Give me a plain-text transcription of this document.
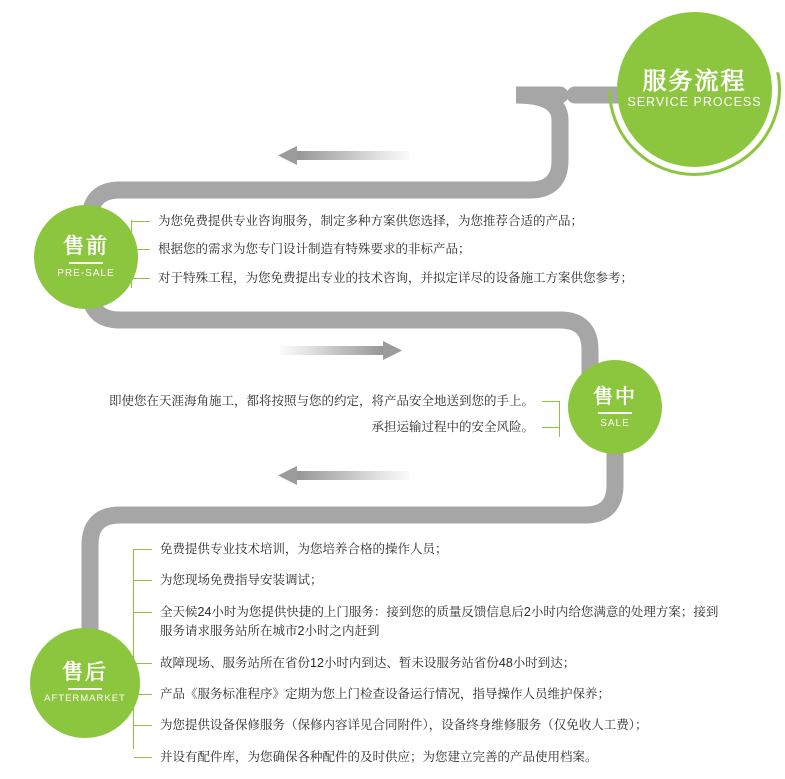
服务流程
SERVICE PROCESS
售前
PRE-SALE
为您免费提供专业咨询服务，制定多种方案供您选择，为您推荐合适的产品；
根据您的需求为您专门设计制造有特殊要求的非标产品；
对于特殊工程，为您免费提出专业的技术咨询，并拟定详尽的设备施工方案供您参考；
售中
SALE
即使您在天涯海角施工，都将按照与您的约定，将产品安全地送到您的手上。
承担运输过程中的安全风险。
售后
AFTERMARKET
免费提供专业技术培训，为您培养合格的操作人员；
为您现场免费指导安装调试；
全天候24小时为您提供快捷的上门服务：接到您的质量反馈信息后2小时内给您满意的处理方案；接到服务请求服务站所在城市2小时之内赶到
故障现场、服务站所在省份12小时内到达、暂未设服务站省份48小时到达；
产品《服务标准程序》定期为您上门检查设备运行情况，指导操作人员维护保养；
为您提供设备保修服务（保修内容详见合同附件），设备终身维修服务（仅免收人工费）；
并设有配件库，为您确保各种配件的及时供应；为您建立完善的产品使用档案。
